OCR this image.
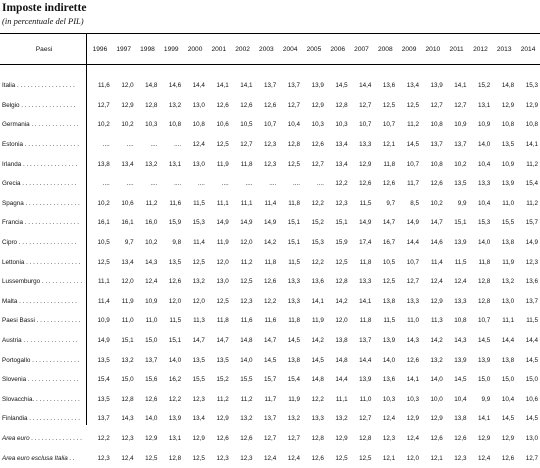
Imposte indirette
(in percentuale del PIL)
Paesi	1996	1997	1998	1999	2000	2001	2002	2003	2004	2005	2006	2007	2008	2009	2010	2011	2012	2013	2014

Italia . . . . . . . . . . . . . . . . .	11,6	12,0	14,8	14,6	14,4	14,1	14,1	13,7	13,7	13,9	14,5	14,4	13,6	13,4	13,9	14,1	15,2	14,8	15,3
Belgio . . . . . . . . . . . . . . . .	12,7	12,9	12,8	13,2	13,0	12,6	12,6	12,6	12,7	12,9	12,8	12,7	12,5	12,5	12,7	12,7	13,1	12,9	12,9
Germania . . . . . . . . . . . . . .	10,2	10,2	10,3	10,8	10,8	10,6	10,5	10,7	10,4	10,3	10,3	10,7	10,7	11,2	10,8	10,9	10,9	10,8	10,8
Estonia . . . . . . . . . . . . . . . .	....	....	....	....	12,4	12,5	12,7	12,3	12,8	12,6	13,4	13,3	12,1	14,5	13,7	13,7	14,0	13,5	14,1
Irlanda . . . . . . . . . . . . . . . .	13,8	13,4	13,2	13,1	13,0	11,9	11,8	12,3	12,5	12,7	13,4	12,9	11,8	10,7	10,8	10,2	10,4	10,9	11,2
Grecia . . . . . . . . . . . . . . . .	....	....	....	....	....	....	....	....	....	....	12,2	12,6	12,6	11,7	12,6	13,5	13,3	13,9	15,4
Spagna . . . . . . . . . . . . . . . .	10,2	10,6	11,2	11,6	11,5	11,1	11,1	11,4	11,8	12,2	12,3	11,5	9,7	8,5	10,2	9,9	10,4	11,0	11,2
Francia . . . . . . . . . . . . . . . .	16,1	16,1	16,0	15,9	15,3	14,9	14,9	14,9	15,1	15,2	15,1	14,9	14,7	14,9	14,7	15,1	15,3	15,5	15,7
Cipro . . . . . . . . . . . . . . . . .	10,5	9,7	10,2	9,8	11,4	11,9	12,0	14,2	15,1	15,3	15,9	17,4	16,7	14,4	14,6	13,9	14,0	13,8	14,9
Lettonia . . . . . . . . . . . . . . . .	12,5	13,4	14,3	13,5	12,5	12,0	11,2	11,8	11,5	12,2	12,5	11,8	10,5	10,7	11,4	11,5	11,8	11,9	12,3
Lussemburgo . . . . . . . . . . . .	11,1	12,0	12,4	12,6	13,2	13,0	12,5	12,6	13,3	13,6	12,8	13,3	12,5	12,7	12,4	12,4	12,8	13,2	13,6
Malta . . . . . . . . . . . . . . . . .	11,4	11,9	10,9	12,0	12,0	12,5	12,3	12,2	13,3	14,1	14,2	14,1	13,8	13,3	12,9	13,3	12,8	13,0	13,7
Paesi Bassi . . . . . . . . . . . . .	10,9	11,0	11,0	11,5	11,3	11,8	11,6	11,6	11,8	11,9	12,0	11,8	11,5	11,0	11,3	10,8	10,7	11,1	11,5
Austria . . . . . . . . . . . . . . . .	14,9	15,1	15,0	15,1	14,7	14,7	14,8	14,7	14,5	14,2	13,8	13,7	13,9	14,3	14,2	14,3	14,5	14,4	14,4
Portogallo . . . . . . . . . . . . . .	13,5	13,2	13,7	14,0	13,5	13,5	14,0	14,5	13,8	14,5	14,8	14,4	14,0	12,6	13,2	13,9	13,9	13,8	14,5
Slovenia . . . . . . . . . . . . . . .	15,4	15,0	15,6	16,2	15,5	15,2	15,5	15,7	15,4	14,8	14,4	13,9	13,6	14,1	14,0	14,5	15,0	15,0	15,0
Slovacchia. . . . . . . . . . . . . .	13,5	12,8	12,6	12,2	12,3	11,2	11,2	11,7	11,9	12,2	11,1	11,0	10,3	10,3	10,0	10,4	9,9	10,4	10,6
Finlandia . . . . . . . . . . . . . . .	13,7	14,3	14,0	13,9	13,4	12,9	13,2	13,7	13,2	13,3	13,2	12,7	12,4	12,9	12,9	13,8	14,1	14,5	14,5
Area euro . . . . . . . . . . . . . . .	12,2	12,3	12,9	13,1	12,9	12,6	12,6	12,7	12,7	12,8	12,9	12,8	12,3	12,4	12,6	12,6	12,9	12,9	13,0
Area euro esclusa Italia . .	12,3	12,4	12,5	12,8	12,5	12,3	12,3	12,4	12,4	12,6	12,5	12,5	12,1	12,0	12,1	12,3	12,4	12,6	12,7
